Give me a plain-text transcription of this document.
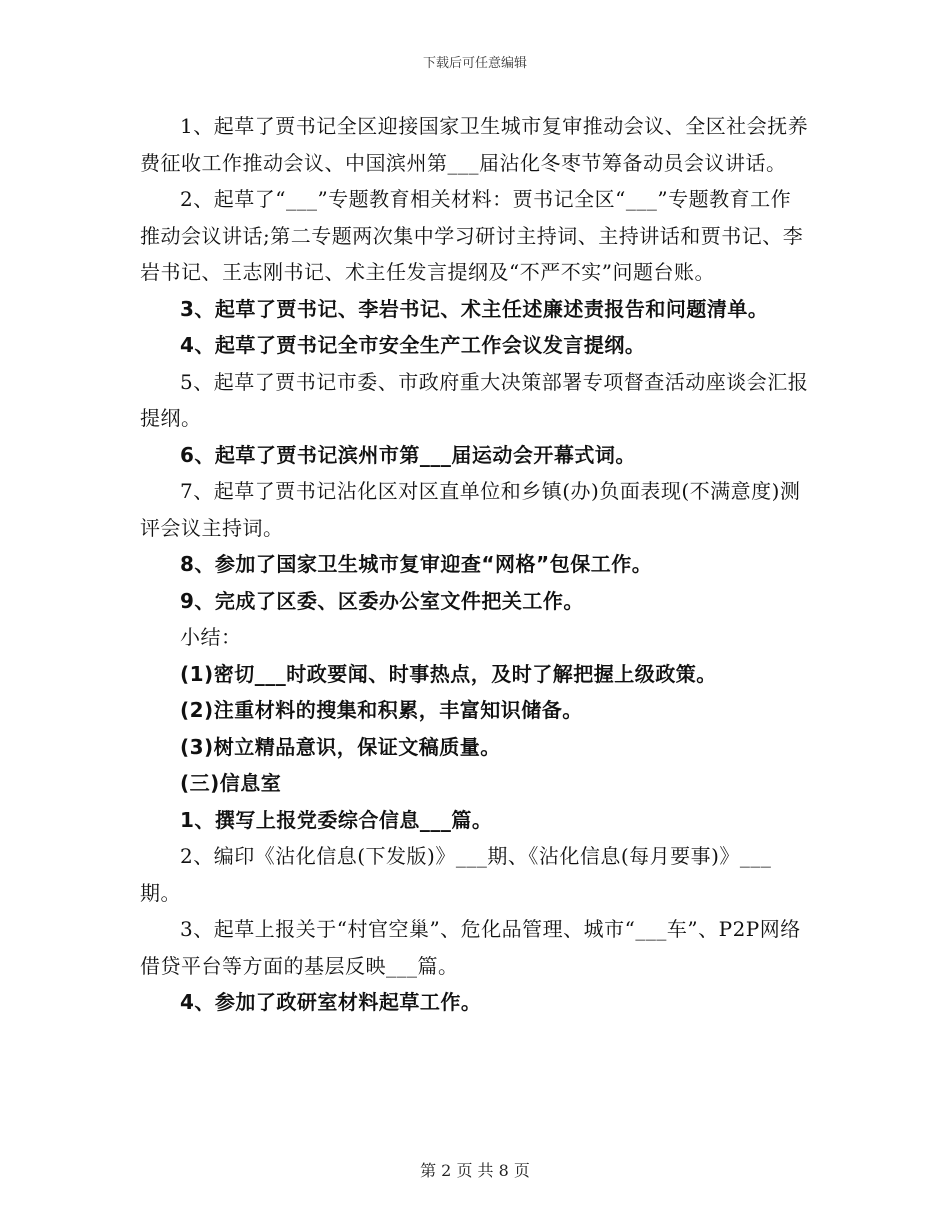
下载后可任意编辑

1、起草了贾书记全区迎接国家卫生城市复审推动会议、全区社会抚养费征收工作推动会议、中国滨州第___届沾化冬枣节筹备动员会议讲话。

2、起草了“___”专题教育相关材料：贾书记全区“___”专题教育工作推动会议讲话;第二专题两次集中学习研讨主持词、主持讲话和贾书记、李岩书记、王志刚书记、术主任发言提纲及“不严不实”问题台账。

3、起草了贾书记、李岩书记、术主任述廉述责报告和问题清单。

4、起草了贾书记全市安全生产工作会议发言提纲。

5、起草了贾书记市委、市政府重大决策部署专项督查活动座谈会汇报提纲。

6、起草了贾书记滨州市第___届运动会开幕式词。

7、起草了贾书记沾化区对区直单位和乡镇(办)负面表现(不满意度)测评会议主持词。

8、参加了国家卫生城市复审迎查“网格”包保工作。

9、完成了区委、区委办公室文件把关工作。

小结：

(1)密切___时政要闻、时事热点，及时了解把握上级政策。

(2)注重材料的搜集和积累，丰富知识储备。

(3)树立精品意识，保证文稿质量。

(三)信息室

1、撰写上报党委综合信息___篇。

2、编印《沾化信息(下发版)》___期、《沾化信息(每月要事)》___期。

3、起草上报关于“村官空巢”、危化品管理、城市“___车”、P2P网络借贷平台等方面的基层反映___篇。

4、参加了政研室材料起草工作。

第 2 页 共 8 页
